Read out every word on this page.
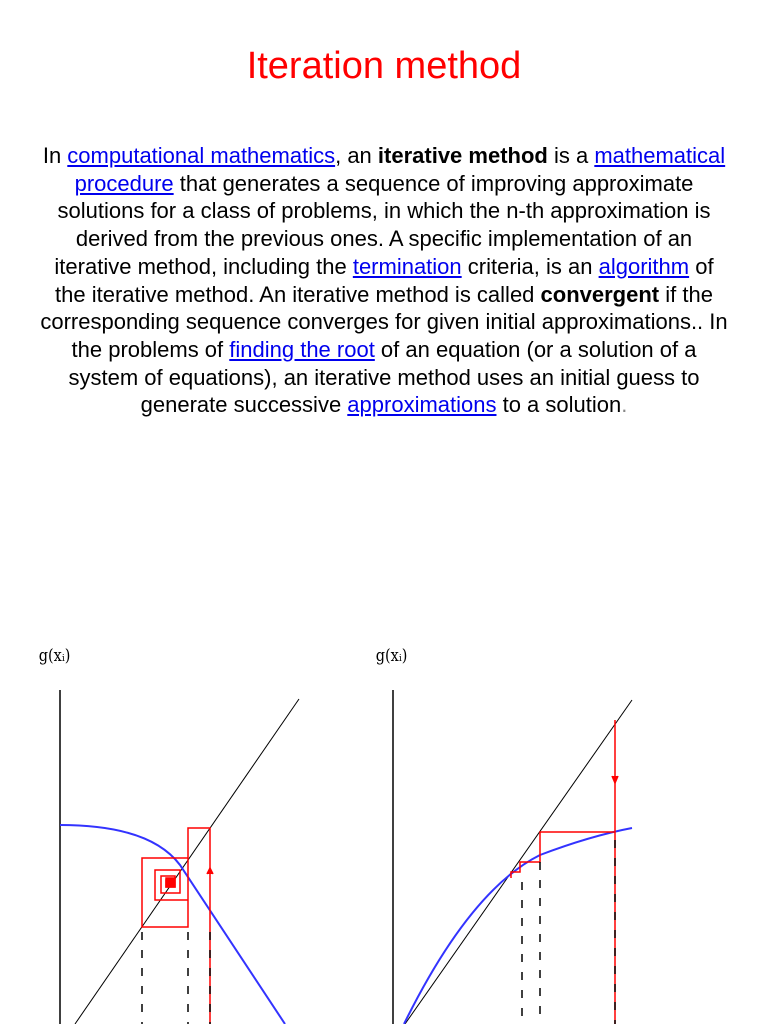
Iteration method
In computational mathematics, an iterative method is a mathematical procedure that generates a sequence of improving approximate solutions for a class of problems, in which the n-th approximation is derived from the previous ones. A specific implementation of an iterative method, including the termination criteria, is an algorithm of the iterative method. An iterative method is called convergent if the corresponding sequence converges for given initial approximations.. In the problems of finding the root of an equation (or a solution of a system of equations), an iterative method uses an initial guess to generate successive approximations to a solution.
g(xᵢ)	g(xᵢ)
